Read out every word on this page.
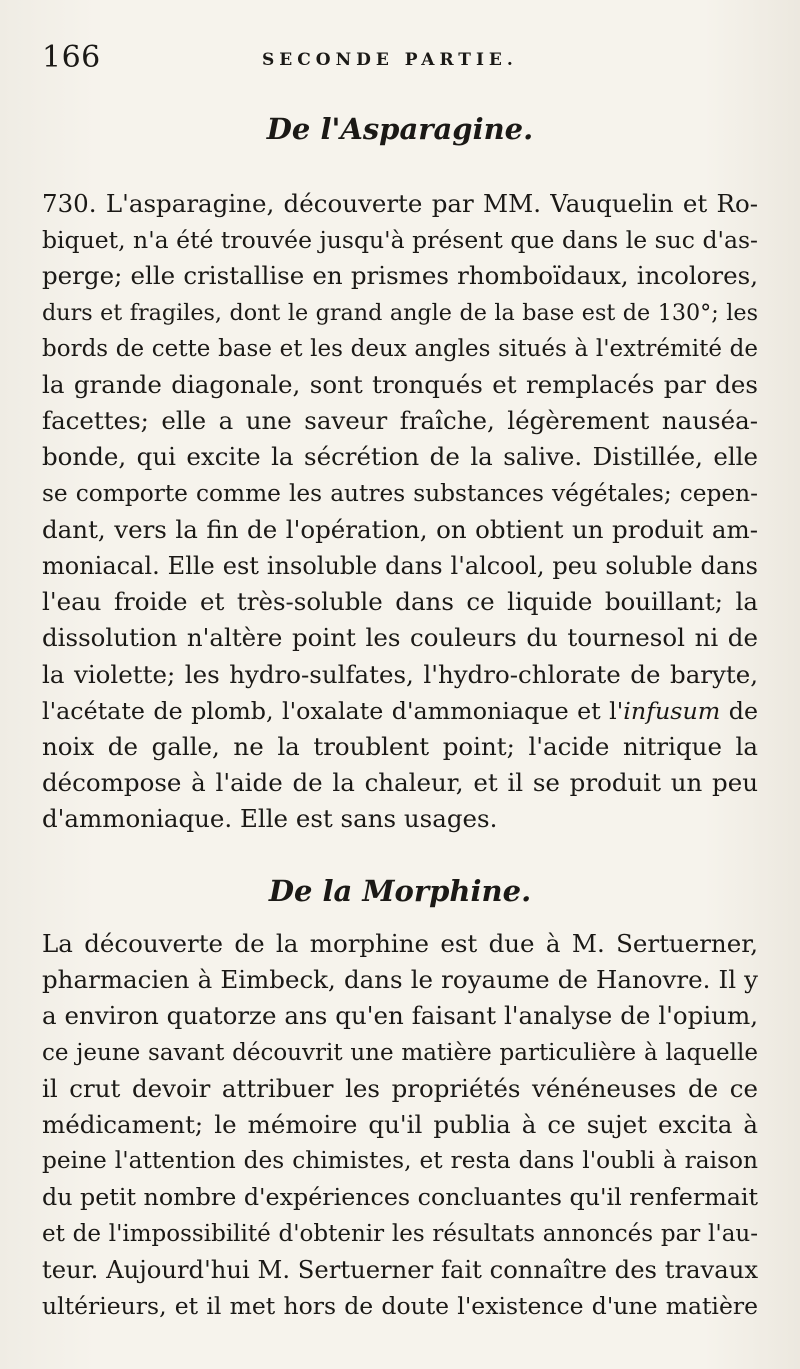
166	SECONDE PARTIE.
De l'Asparagine.
730. L'asparagine, découverte par MM. Vauquelin et Ro-
biquet, n'a été trouvée jusqu'à présent que dans le suc d'as-
perge; elle cristallise en prismes rhomboïdaux, incolores,
durs et fragiles, dont le grand angle de la base est de 130°; les
bords de cette base et les deux angles situés à l'extrémité de
la grande diagonale, sont tronqués et remplacés par des
facettes; elle a une saveur fraîche, légèrement nauséa-
bonde, qui excite la sécrétion de la salive. Distillée, elle
se comporte comme les autres substances végétales; cepen-
dant, vers la fin de l'opération, on obtient un produit am-
moniacal. Elle est insoluble dans l'alcool, peu soluble dans
l'eau froide et très-soluble dans ce liquide bouillant; la
dissolution n'altère point les couleurs du tournesol ni de
la violette; les hydro-sulfates, l'hydro-chlorate de baryte,
l'acétate de plomb, l'oxalate d'ammoniaque et l'infusum de
noix de galle, ne la troublent point; l'acide nitrique la
décompose à l'aide de la chaleur, et il se produit un peu
d'ammoniaque. Elle est sans usages.
De la Morphine.
La découverte de la morphine est due à M. Sertuerner,
pharmacien à Eimbeck, dans le royaume de Hanovre. Il y
a environ quatorze ans qu'en faisant l'analyse de l'opium,
ce jeune savant découvrit une matière particulière à laquelle
il crut devoir attribuer les propriétés vénéneuses de ce
médicament; le mémoire qu'il publia à ce sujet excita à
peine l'attention des chimistes, et resta dans l'oubli à raison
du petit nombre d'expériences concluantes qu'il renfermait
et de l'impossibilité d'obtenir les résultats annoncés par l'au-
teur. Aujourd'hui M. Sertuerner fait connaître des travaux
ultérieurs, et il met hors de doute l'existence d'une matière
